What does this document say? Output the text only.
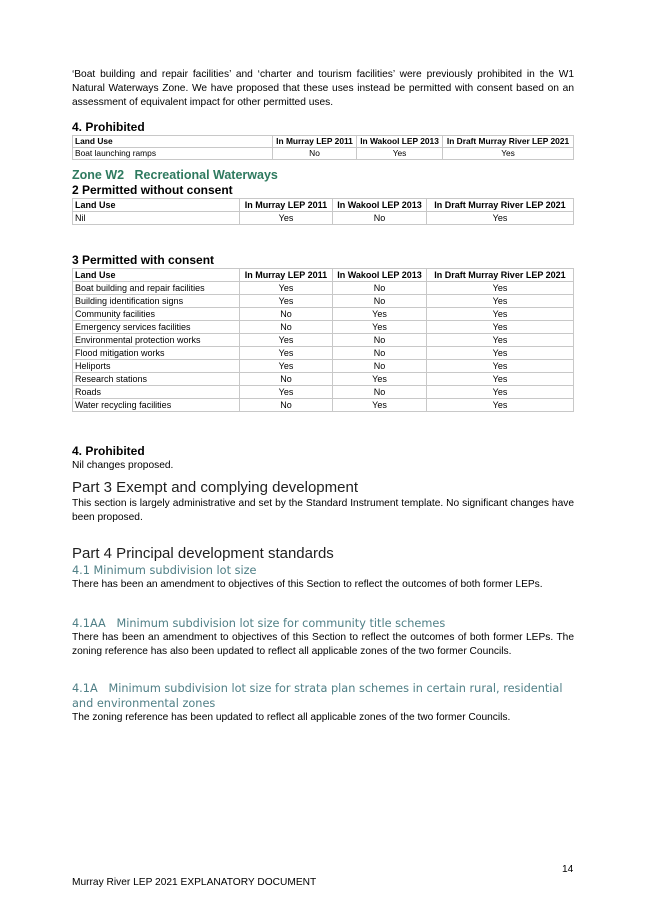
‘Boat building and repair facilities’ and ‘charter and tourism facilities’ were previously prohibited in the W1 Natural Waterways Zone. We have proposed that these uses instead be permitted with consent based on an assessment of equivalent impact for other permitted uses.

4. Prohibited
Land Use	In Murray LEP 2011	In Wakool LEP 2013	In Draft Murray River LEP 2021
Boat launching ramps	No	Yes	Yes
Zone W2 Recreational Waterways
2 Permitted without consent
Land Use	In Murray LEP 2011	In Wakool LEP 2013	In Draft Murray River LEP 2021
Nil	Yes	No	Yes
3 Permitted with consent
Land Use	In Murray LEP 2011	In Wakool LEP 2013	In Draft Murray River LEP 2021
Boat building and repair facilities	Yes	No	Yes
Building identification signs	Yes	No	Yes
Community facilities	No	Yes	Yes
Emergency services facilities	No	Yes	Yes
Environmental protection works	Yes	No	Yes
Flood mitigation works	Yes	No	Yes
Heliports	Yes	No	Yes
Research stations	No	Yes	Yes
Roads	Yes	No	Yes
Water recycling facilities	No	Yes	Yes
4. Prohibited

Nil changes proposed.

Part 3 Exempt and complying development

This section is largely administrative and set by the Standard Instrument template. No significant changes have been proposed.

Part 4 Principal development standards
4.1 Minimum subdivision lot size

There has been an amendment to objectives of this Section to reflect the outcomes of both former LEPs.

4.1AA   Minimum subdivision lot size for community title schemes

There has been an amendment to objectives of this Section to reflect the outcomes of both former LEPs. The zoning reference has also been updated to reflect all applicable zones of the two former Councils.

4.1A   Minimum subdivision lot size for strata plan schemes in certain rural, residential and environmental zones

The zoning reference has been updated to reflect all applicable zones of the two former Councils.

14
Murray River LEP 2021 EXPLANATORY DOCUMENT
